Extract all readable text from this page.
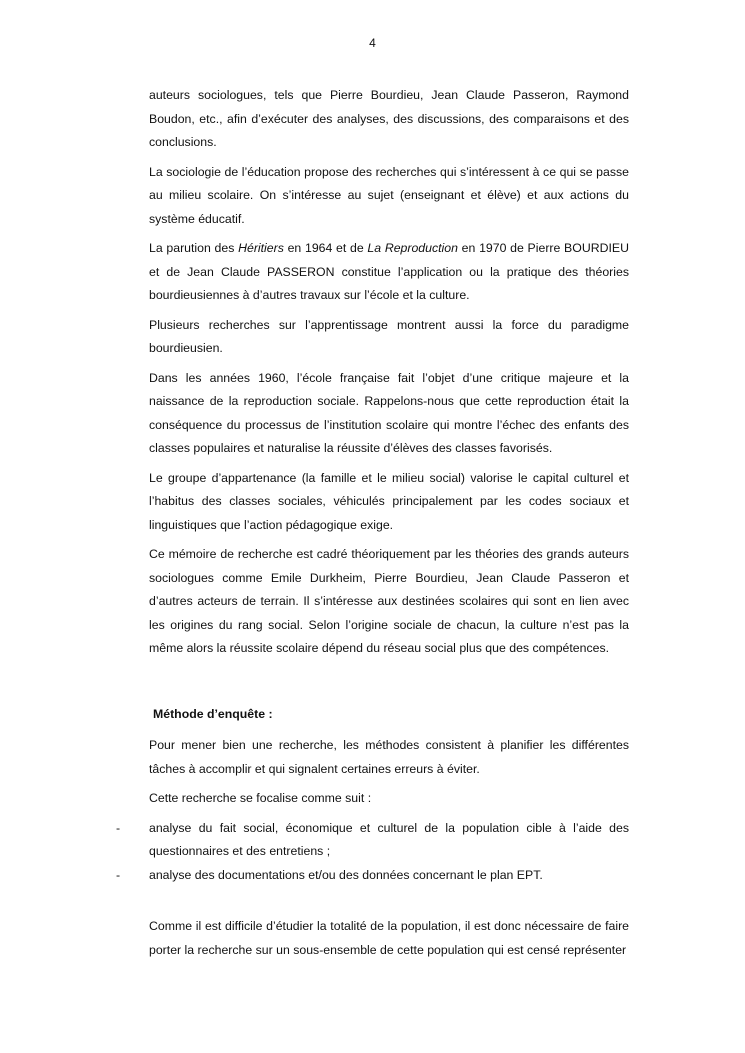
4

auteurs sociologues, tels que Pierre Bourdieu, Jean Claude Passeron, Raymond Boudon, etc., afin d’exécuter des analyses, des discussions, des comparaisons et des conclusions.

La sociologie de l’éducation propose des recherches qui s’intéressent à ce qui se passe au milieu scolaire. On s’intéresse au sujet (enseignant et élève) et aux actions du système éducatif.

La parution des Héritiers en 1964 et de La Reproduction en 1970 de Pierre BOURDIEU et de Jean Claude PASSERON constitue l’application ou la pratique des théories bourdieusiennes à d’autres travaux sur l’école et la culture.

Plusieurs recherches sur l’apprentissage montrent aussi la force du paradigme bourdieusien.

Dans les années 1960, l’école française fait l’objet d’une critique majeure et la naissance de la reproduction sociale. Rappelons-nous que cette reproduction était la conséquence du processus de l’institution scolaire qui montre l’échec des enfants des classes populaires et naturalise la réussite d’élèves des classes favorisés.

Le groupe d’appartenance (la famille et le milieu social) valorise le capital culturel et l’habitus des classes sociales, véhiculés principalement par les codes sociaux et linguistiques que l’action pédagogique exige.

Ce mémoire de recherche est cadré théoriquement par les théories des grands auteurs sociologues comme Emile Durkheim, Pierre Bourdieu, Jean Claude Passeron et d’autres acteurs de terrain. Il s’intéresse aux destinées scolaires qui sont en lien avec les origines du rang social. Selon l’origine sociale de chacun, la culture n’est pas la même alors la réussite scolaire dépend du réseau social plus que des compétences.

Méthode d’enquête :

Pour mener bien une recherche, les méthodes consistent à planifier les différentes tâches à accomplir et qui signalent certaines erreurs à éviter.

Cette recherche se focalise comme suit :

- analyse du fait social, économique et culturel de la population cible à l’aide des questionnaires et des entretiens ;
- analyse des documentations et/ou des données concernant le plan EPT.

Comme il est difficile d’étudier la totalité de la population, il est donc nécessaire de faire porter la recherche sur un sous-ensemble de cette population qui est censé représenter
